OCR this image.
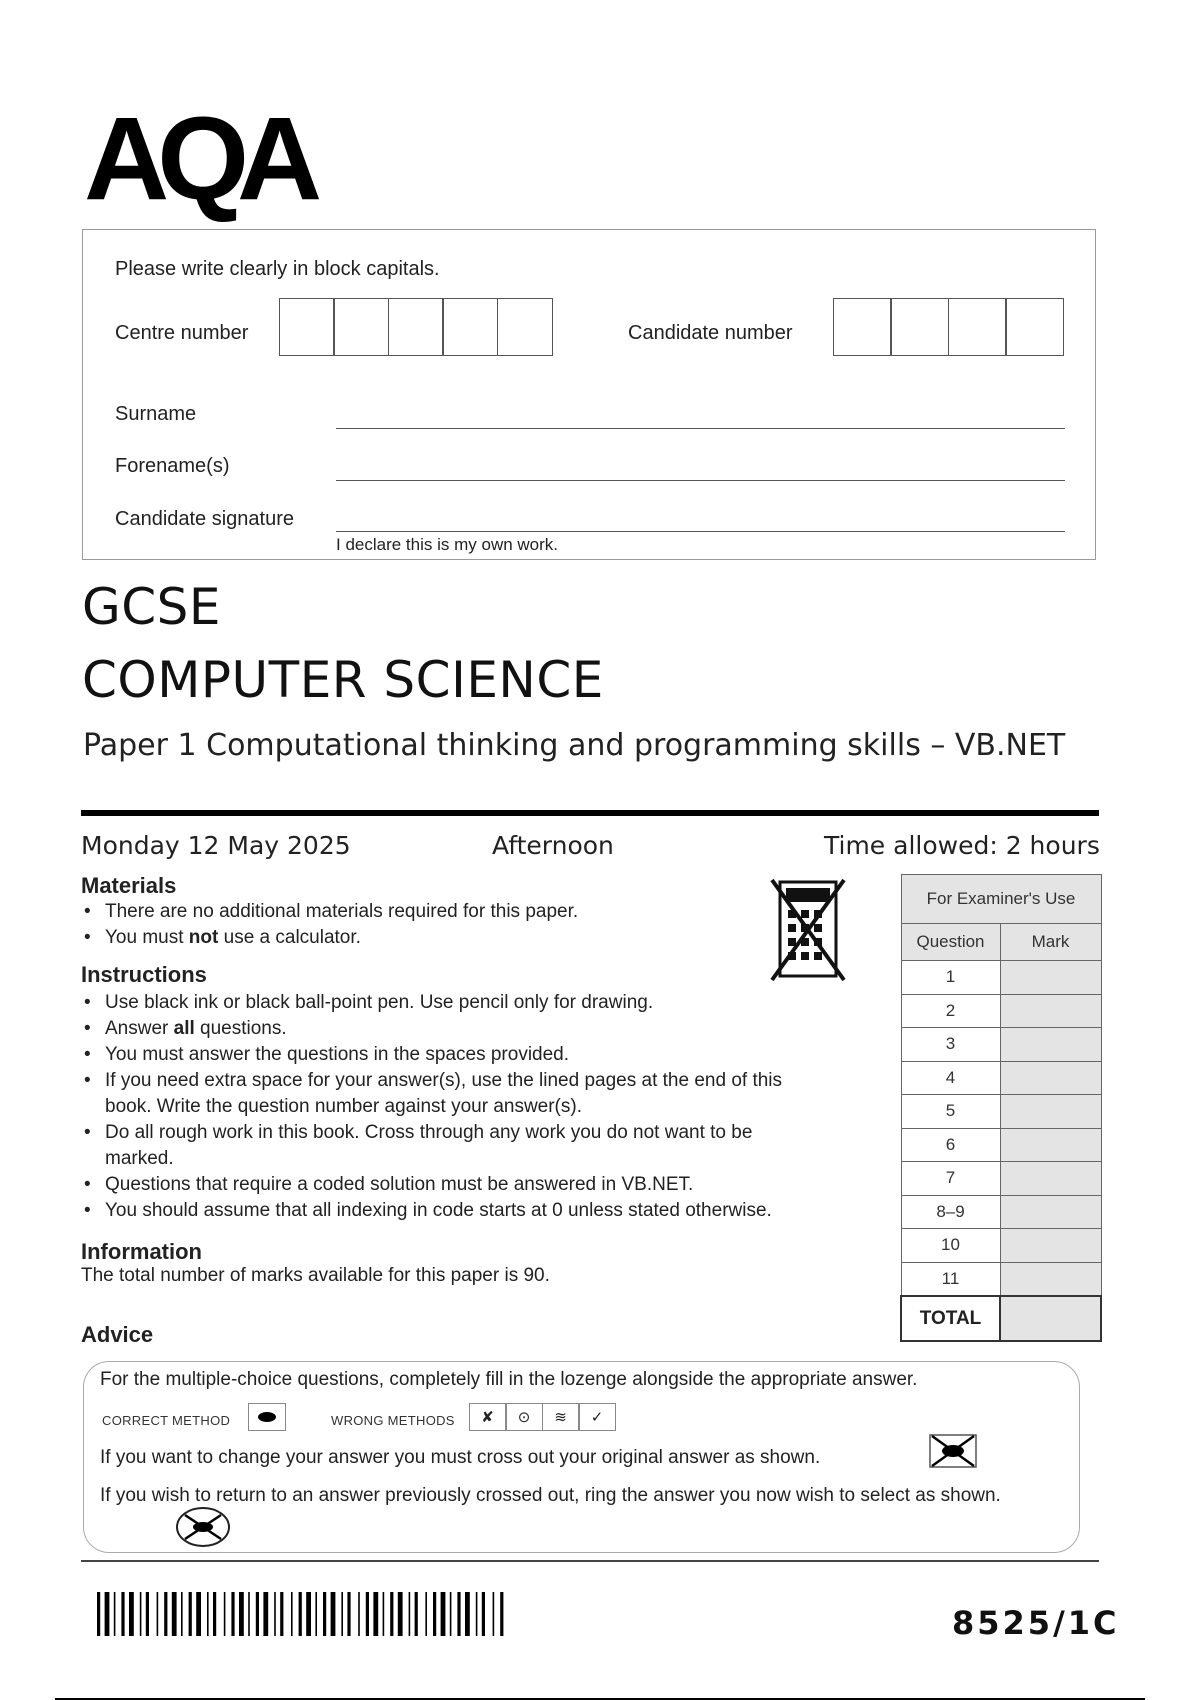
AQA
Please write clearly in block capitals.
Centre number	Candidate number
Surname
Forename(s)
Candidate signature
I declare this is my own work.
GCSE
COMPUTER SCIENCE
Paper 1 Computational thinking and programming skills – VB.NET
Monday 12 May 2025	Afternoon	Time allowed: 2 hours
Materials
• There are no additional materials required for this paper.
• You must not use a calculator.
Instructions
• Use black ink or black ball-point pen. Use pencil only for drawing.
• Answer all questions.
• You must answer the questions in the spaces provided.
• If you need extra space for your answer(s), use the lined pages at the end of this book. Write the question number against your answer(s).
• Do all rough work in this book. Cross through any work you do not want to be marked.
• Questions that require a coded solution must be answered in VB.NET.
• You should assume that all indexing in code starts at 0 unless stated otherwise.
Information
The total number of marks available for this paper is 90.
For Examiner's Use	
Question	Mark
1	
2	
3	
4	
5	
6	
7	
8–9	
10	
11	
TOTAL	
Advice
For the multiple-choice questions, completely fill in the lozenge alongside the appropriate answer.
CORRECT METHOD	WRONG METHODS ✘ ⊙ ≋ ✓
If you want to change your answer you must cross out your original answer as shown.
If you wish to return to an answer previously crossed out, ring the answer you now wish to select as shown.
8525/1C
